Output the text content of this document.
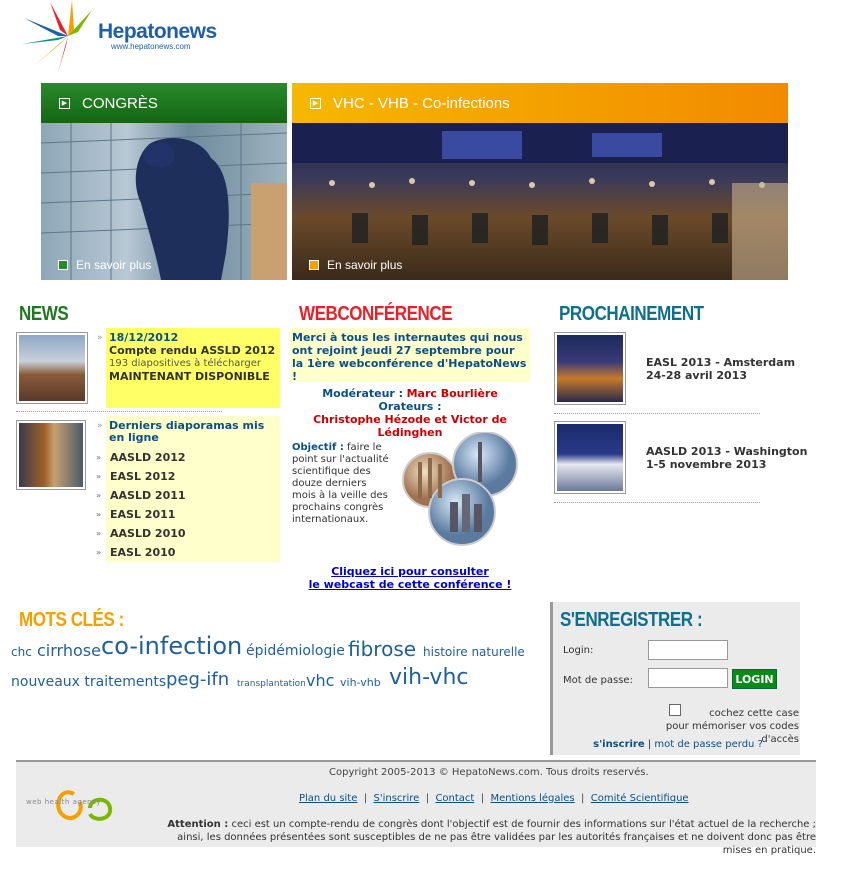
Hepatonews
www.hepatonews.com
▶ CONGRÈS
En savoir plus
▶ VHC - VHB - Co-infections
En savoir plus
NEWS
» 18/12/2012
Compte rendu ASSLD 2012
193 diapositives à télécharger
MAINTENANT DISPONIBLE
» Derniers diaporamas mis en ligne
» AASLD 2012
» EASL 2012
» AASLD 2011
» EASL 2011
» AASLD 2010
» EASL 2010
WEBCONFÉRENCE
Merci à tous les internautes qui nous ont rejoint jeudi 27 septembre pour la 1ère webconférence d'HepatoNews !
Modérateur : Marc Bourlière
Orateurs :
Christophe Hézode et Victor de Lédinghen
Objectif : faire le point sur l'actualité scientifique des douze derniers mois à la veille des prochains congrès internationaux.
Cliquez ici pour consulter
le webcast de cette conférence !
PROCHAINEMENT
EASL 2013 - Amsterdam
24-28 avril 2013
AASLD 2013 - Washington
1-5 novembre 2013
MOTS CLÉS :
chc cirrhose co-infection épidémiologie fibrose histoire naturelle
nouveaux traitements peg-ifn transplantation vhc vih-vhb vih-vhc
S'ENREGISTRER :
Login:
Mot de passe:	LOGIN
cochez cette case pour mémoriser vos codes d'accès
s'inscrire | mot de passe perdu ?
web health agency
Copyright 2005-2013 © HepatoNews.com. Tous droits reservés.
Plan du site  |  S'inscrire  |  Contact  |  Mentions légales  |  Comité Scientifique
Attention : ceci est un compte-rendu de congrès dont l'objectif est de fournir des informations sur l'état actuel de la recherche ; ainsi, les données présentées sont susceptibles de ne pas être validées par les autorités françaises et ne doivent donc pas être mises en pratique.
